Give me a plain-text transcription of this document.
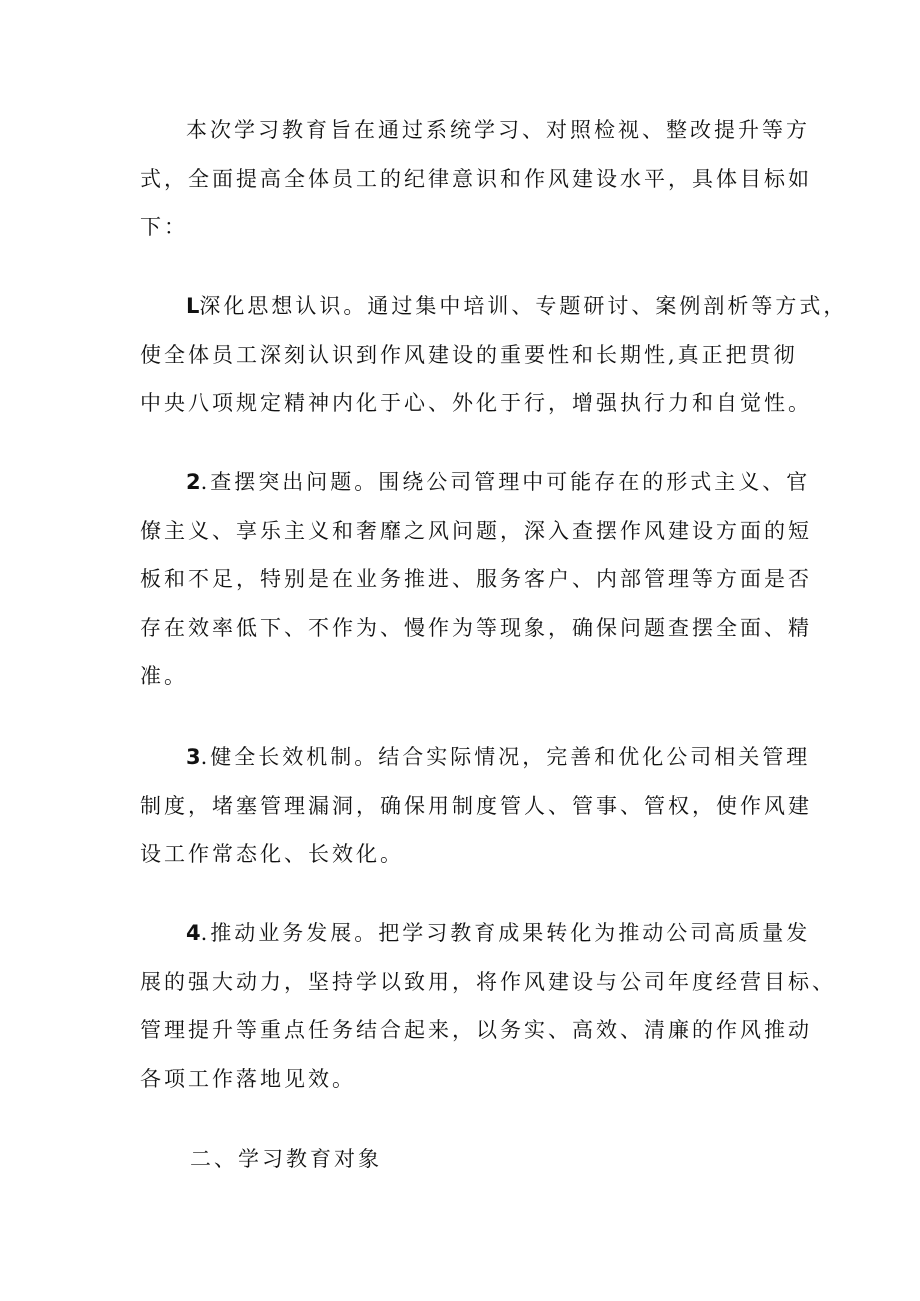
本次学习教育旨在通过系统学习、对照检视、整改提升等方

式，全面提高全体员工的纪律意识和作风建设水平，具体目标如

下：

L深化思想认识。通过集中培训、专题研讨、案例剖析等方式，

使全体员工深刻认识到作风建设的重要性和长期性,真正把贯彻

中央八项规定精神内化于心、外化于行，增强执行力和自觉性。

2.查摆突出问题。围绕公司管理中可能存在的形式主义、官

僚主义、享乐主义和奢靡之风问题，深入查摆作风建设方面的短

板和不足，特别是在业务推进、服务客户、内部管理等方面是否

存在效率低下、不作为、慢作为等现象，确保问题查摆全面、精

准。

3.健全长效机制。结合实际情况，完善和优化公司相关管理

制度，堵塞管理漏洞，确保用制度管人、管事、管权，使作风建

设工作常态化、长效化。

4.推动业务发展。把学习教育成果转化为推动公司高质量发

展的强大动力，坚持学以致用，将作风建设与公司年度经营目标、

管理提升等重点任务结合起来，以务实、高效、清廉的作风推动

各项工作落地见效。

二、学习教育对象
